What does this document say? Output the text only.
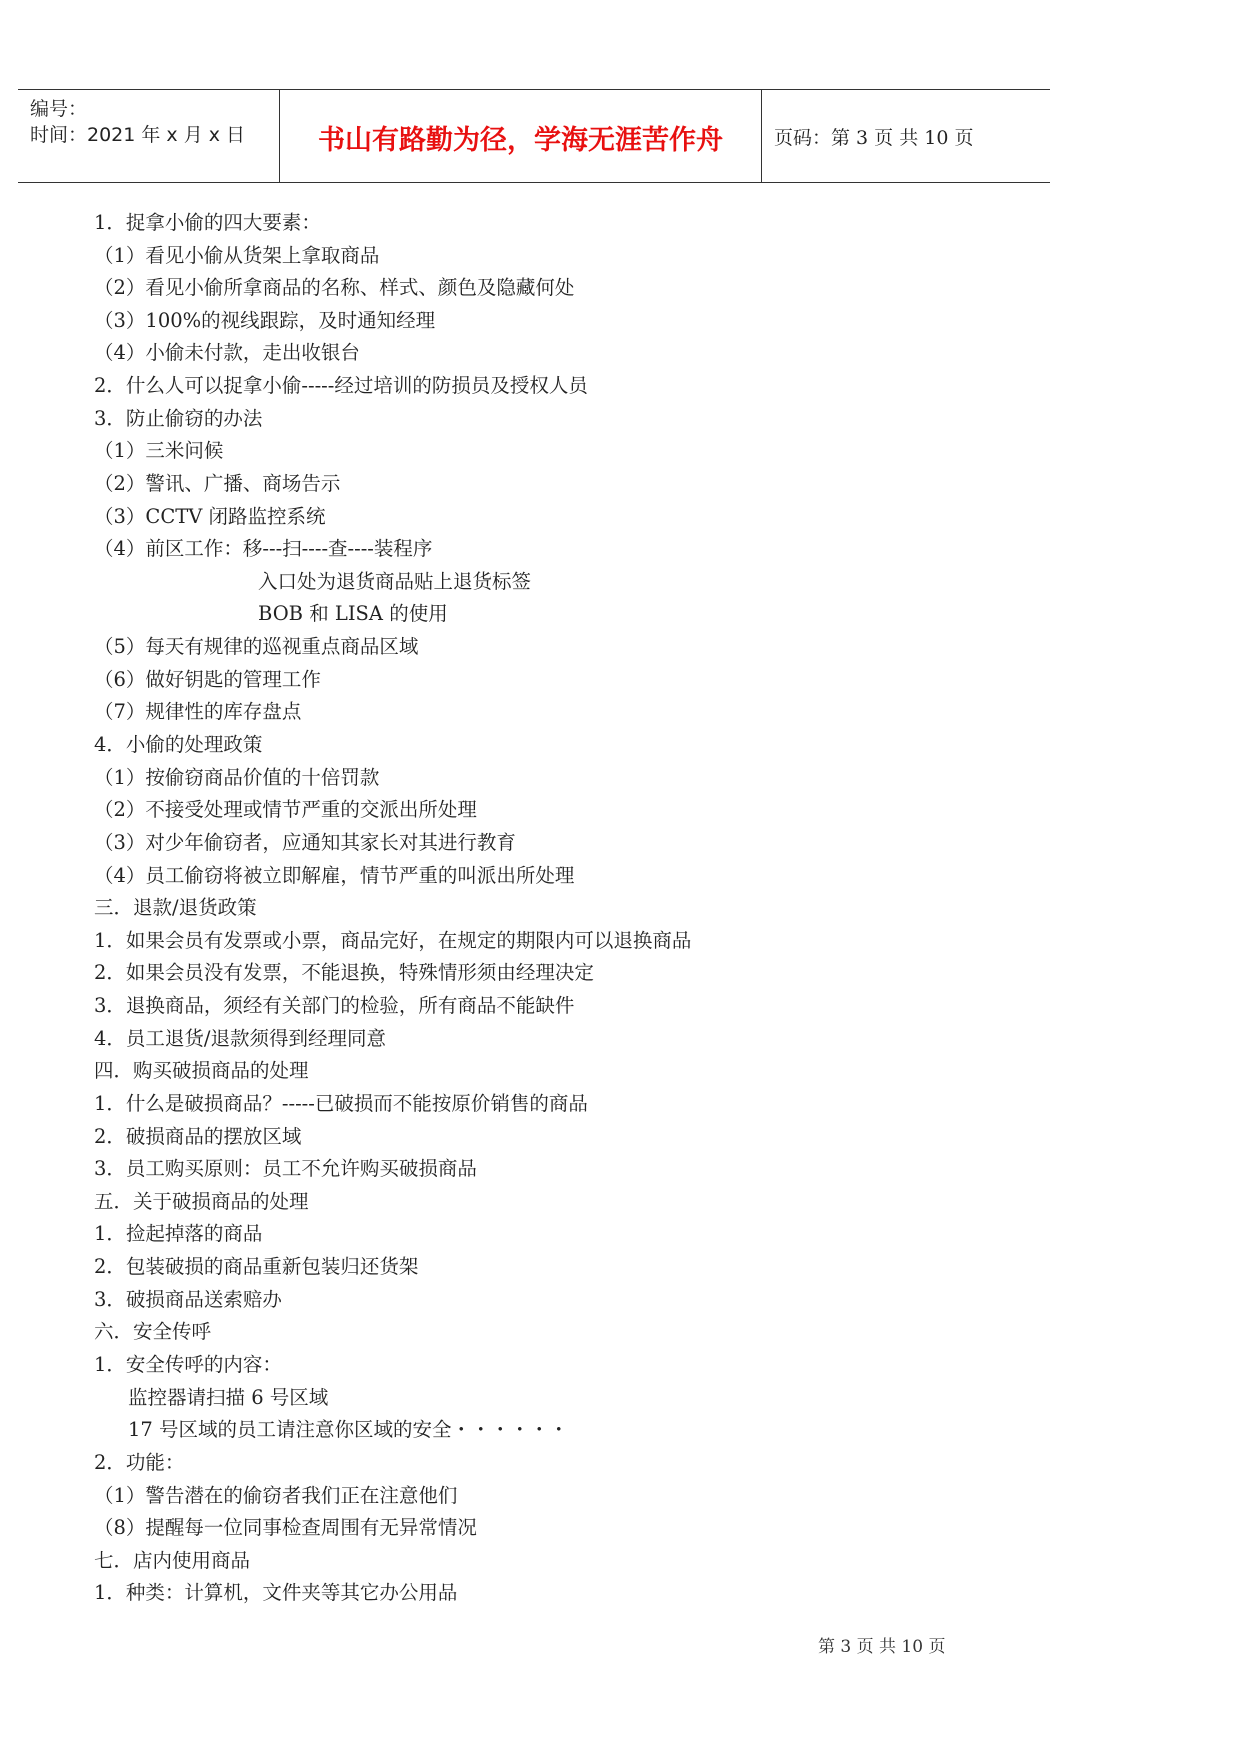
编号：
时间：2021 年 x 月 x 日	书山有路勤为径，学海无涯苦作舟	页码：第 3 页 共 10 页
1．捉拿小偷的四大要素：
（1）看见小偷从货架上拿取商品
（2）看见小偷所拿商品的名称、样式、颜色及隐藏何处
（3）100%的视线跟踪，及时通知经理
（4）小偷未付款，走出收银台
2．什么人可以捉拿小偷-----经过培训的防损员及授权人员
3．防止偷窃的办法
（1）三米问候
（2）警讯、广播、商场告示
（3）CCTV 闭路监控系统
（4）前区工作：移---扫----查----装程序
入口处为退货商品贴上退货标签
BOB 和 LISA 的使用
（5）每天有规律的巡视重点商品区域
（6）做好钥匙的管理工作
（7）规律性的库存盘点
4．小偷的处理政策
（1）按偷窃商品价值的十倍罚款
（2）不接受处理或情节严重的交派出所处理
（3）对少年偷窃者，应通知其家长对其进行教育
（4）员工偷窃将被立即解雇，情节严重的叫派出所处理
三．退款/退货政策
1．如果会员有发票或小票，商品完好，在规定的期限内可以退换商品
2．如果会员没有发票，不能退换，特殊情形须由经理决定
3．退换商品，须经有关部门的检验，所有商品不能缺件
4．员工退货/退款须得到经理同意
四．购买破损商品的处理
1．什么是破损商品？-----已破损而不能按原价销售的商品
2．破损商品的摆放区域
3．员工购买原则：员工不允许购买破损商品
五．关于破损商品的处理
1．捡起掉落的商品
2．包装破损的商品重新包装归还货架
3．破损商品送索赔办
六．安全传呼
1．安全传呼的内容：
监控器请扫描 6 号区域
17 号区域的员工请注意你区域的安全・・・・・・
2．功能：
（1）警告潜在的偷窃者我们正在注意他们
（8）提醒每一位同事检查周围有无异常情况
七．店内使用商品
1．种类：计算机，文件夹等其它办公用品
第 3 页 共 10 页
